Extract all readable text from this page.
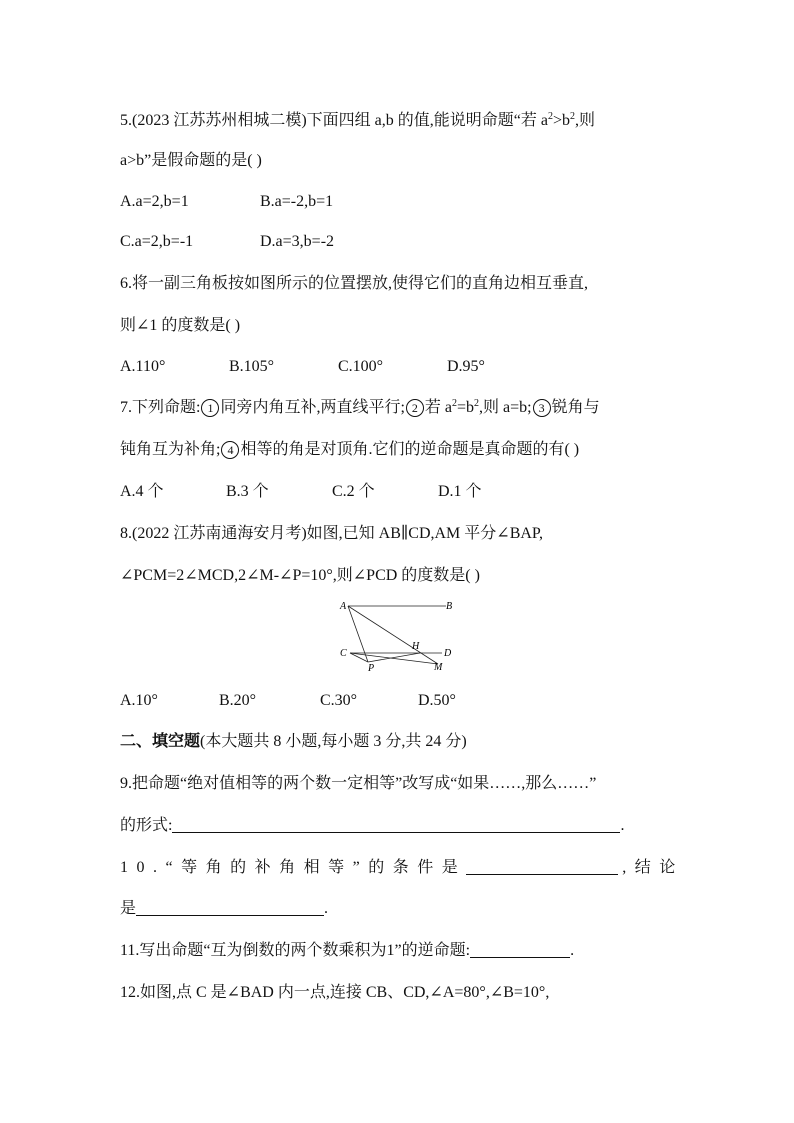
5.(2023 江苏苏州相城二模)下面四组 a,b 的值,能说明命题“若 $a^2>b^2$,则
a>b”是假命题的是( )
A.a=2,b=1	B.a=-2,b=1
C.a=2,b=-1	D.a=3,b=-2
6.将一副三角板按如图所示的位置摆放,使得它们的直角边相互垂直,
则∠1 的度数是( )
A.110°	B.105°	C.100°	D.95°
7.下列命题: 1 同旁内角互补,两直线平行; 2 若 $a^2=b^2$,则 a=b; 3 锐角与
钝角互为补角; 4 相等的角是对顶角.它们的逆命题是真命题的有( )
A.4 个	B.3 个	C.2 个	D.1 个
8.(2022 江苏南通海安月考)如图,已知 AB∥CD,AM 平分∠BAP,
∠PCM=2∠MCD,2∠M-∠P=10°,则∠PCD 的度数是( )
A	B
C	D
H
M
P
A.10°	B.20°	C.30°	D.50°
二、填空题(本大题共 8 小题,每小题 3 分,共 24 分)
9.把命题“绝对值相等的两个数一定相等”改写成“如果……,那么……”
的形式:	.
10.“等角的补角相等”的条件是	,结论
是	.
11.写出命题“互为倒数的两个数乘积为1”的逆命题:	.
12.如图,点 C 是∠BAD 内一点,连接 CB、CD,∠A=80°,∠B=10°,
